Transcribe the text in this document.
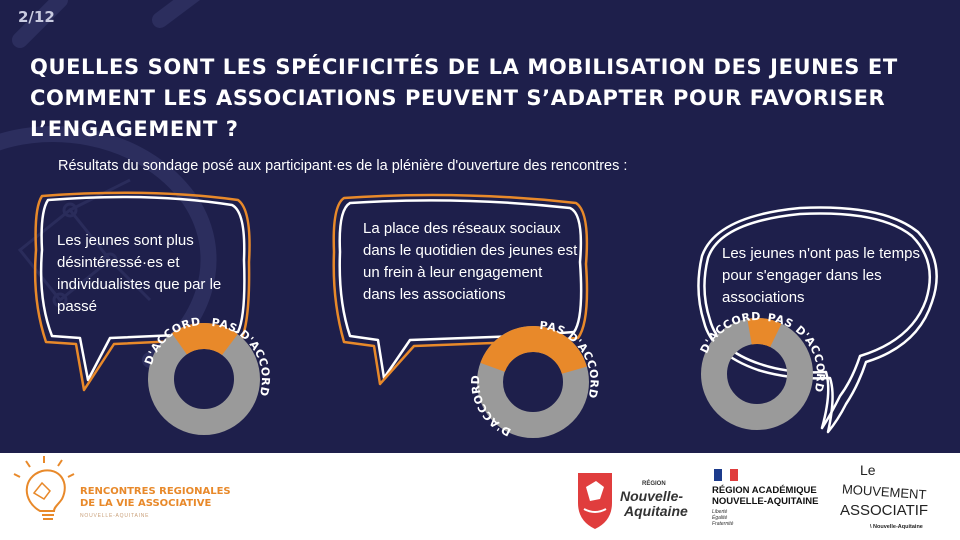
2/12
QUELLES SONT LES SPÉCIFICITÉS DE LA MOBILISATION DES JEUNES ET COMMENT LES ASSOCIATIONS PEUVENT S’ADAPTER POUR FAVORISER L’ENGAGEMENT ?
Résultats du sondage posé aux participant·es de la plénière d'ouverture des rencontres :
D'ACCORD PAS D'ACCORD
D'ACCORD
PAS D'ACCORD
D'ACCORD PAS D'ACCORD
Les jeunes sont plus désintéressé·es et individualistes que par le passé
La place des réseaux sociaux dans le quotidien des jeunes est un frein à leur engagement dans les associations
Les jeunes n'ont pas le temps pour s'engager dans les associations
RENCONTRES REGIONALES
DE LA VIE ASSOCIATIVE
NOUVELLE-AQUITAINE
RÉGION
Nouvelle-
Aquitaine
RÉGION ACADÉMIQUE
NOUVELLE-AQUITAINE
Liberté
Égalité
Fraternité
Le
MOUVEMENT
ASSOCIATIF
\ Nouvelle-Aquitaine
